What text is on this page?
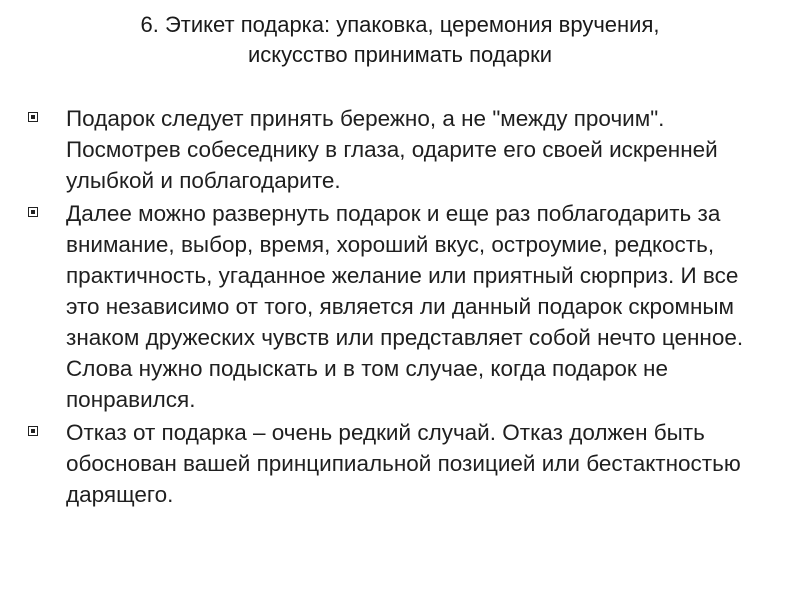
6. Этикет подарка: упаковка, церемония вручения,
искусство принимать подарки
Подарок следует принять бережно, а не "между прочим". Посмотрев собеседнику в глаза, одарите его своей искренней улыбкой и поблагодарите.
Далее можно развернуть подарок и еще раз поблагодарить за внимание, выбор, время, хороший вкус, остроумие, редкость, практичность, угаданное желание или приятный сюрприз. И все это независимо от того, является ли данный подарок скромным знаком дружеских чувств или представляет собой нечто ценное. Слова нужно подыскать и в том случае, когда подарок не понравился.
Отказ от подарка – очень редкий случай. Отказ должен быть обоснован вашей принципиальной позицией или бестактностью дарящего.
